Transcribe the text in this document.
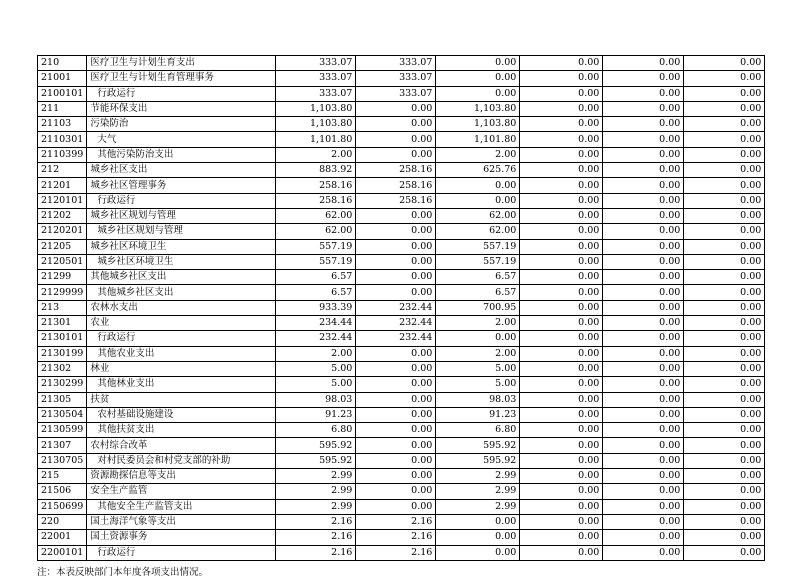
210	医疗卫生与计划生育支出	333.07	333.07	0.00	0.00	0.00	0.00
21001	医疗卫生与计划生育管理事务	333.07	333.07	0.00	0.00	0.00	0.00
2100101	行政运行	333.07	333.07	0.00	0.00	0.00	0.00
211	节能环保支出	1,103.80	0.00	1,103.80	0.00	0.00	0.00
21103	污染防治	1,103.80	0.00	1,103.80	0.00	0.00	0.00
2110301	大气	1,101.80	0.00	1,101.80	0.00	0.00	0.00
2110399	其他污染防治支出	2.00	0.00	2.00	0.00	0.00	0.00
212	城乡社区支出	883.92	258.16	625.76	0.00	0.00	0.00
21201	城乡社区管理事务	258.16	258.16	0.00	0.00	0.00	0.00
2120101	行政运行	258.16	258.16	0.00	0.00	0.00	0.00
21202	城乡社区规划与管理	62.00	0.00	62.00	0.00	0.00	0.00
2120201	城乡社区规划与管理	62.00	0.00	62.00	0.00	0.00	0.00
21205	城乡社区环境卫生	557.19	0.00	557.19	0.00	0.00	0.00
2120501	城乡社区环境卫生	557.19	0.00	557.19	0.00	0.00	0.00
21299	其他城乡社区支出	6.57	0.00	6.57	0.00	0.00	0.00
2129999	其他城乡社区支出	6.57	0.00	6.57	0.00	0.00	0.00
213	农林水支出	933.39	232.44	700.95	0.00	0.00	0.00
21301	农业	234.44	232.44	2.00	0.00	0.00	0.00
2130101	行政运行	232.44	232.44	0.00	0.00	0.00	0.00
2130199	其他农业支出	2.00	0.00	2.00	0.00	0.00	0.00
21302	林业	5.00	0.00	5.00	0.00	0.00	0.00
2130299	其他林业支出	5.00	0.00	5.00	0.00	0.00	0.00
21305	扶贫	98.03	0.00	98.03	0.00	0.00	0.00
2130504	农村基础设施建设	91.23	0.00	91.23	0.00	0.00	0.00
2130599	其他扶贫支出	6.80	0.00	6.80	0.00	0.00	0.00
21307	农村综合改革	595.92	0.00	595.92	0.00	0.00	0.00
2130705	对村民委员会和村党支部的补助	595.92	0.00	595.92	0.00	0.00	0.00
215	资源勘探信息等支出	2.99	0.00	2.99	0.00	0.00	0.00
21506	安全生产监管	2.99	0.00	2.99	0.00	0.00	0.00
2150699	其他安全生产监管支出	2.99	0.00	2.99	0.00	0.00	0.00
220	国土海洋气象等支出	2.16	2.16	0.00	0.00	0.00	0.00
22001	国土资源事务	2.16	2.16	0.00	0.00	0.00	0.00
2200101	行政运行	2.16	2.16	0.00	0.00	0.00	0.00
注：本表反映部门本年度各项支出情况。
